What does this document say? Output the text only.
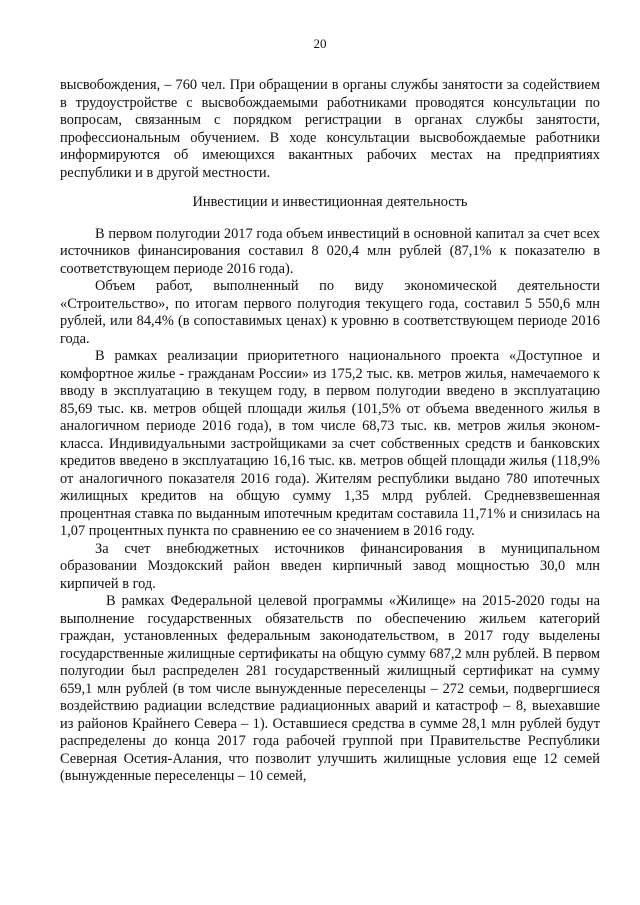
20

высвобождения, – 760 чел. При обращении в органы службы занятости за содействием в трудоустройстве с высвобождаемыми работниками проводятся консультации по вопросам, связанным с порядком регистрации в органах службы занятости, профессиональным обучением. В ходе консультации высвобождаемые работники информируются об имеющихся вакантных рабочих местах на предприятиях республики и в другой местности.

Инвестиции и инвестиционная деятельность

В первом полугодии 2017 года объем инвестиций в основной капитал за счет всех источников финансирования составил 8 020,4 млн рублей (87,1% к показателю в соответствующем периоде 2016 года).

Объем работ, выполненный по виду экономической деятельности «Строительство», по итогам первого полугодия текущего года, составил 5 550,6 млн рублей, или 84,4% (в сопоставимых ценах) к уровню в соответствующем периоде 2016 года.

В рамках реализации приоритетного национального проекта «Доступное и комфортное жилье - гражданам России» из 175,2 тыс. кв. метров жилья, намечаемого к вводу в эксплуатацию в текущем году, в первом полугодии введено в эксплуатацию 85,69 тыс. кв. метров общей площади жилья (101,5% от объема введенного жилья в аналогичном периоде 2016 года), в том числе 68,73 тыс. кв. метров жилья эконом-класса. Индивидуальными застройщиками за счет собственных средств и банковских кредитов введено в эксплуатацию 16,16 тыс. кв. метров общей площади жилья (118,9% от аналогичного показателя 2016 года). Жителям республики выдано 780 ипотечных жилищных кредитов на общую сумму 1,35 млрд рублей. Средневзвешенная процентная ставка по выданным ипотечным кредитам составила 11,71% и снизилась на 1,07 процентных пункта по сравнению ее со значением в 2016 году.

За счет внебюджетных источников финансирования в муниципальном образовании Моздокский район введен кирпичный завод мощностью 30,0 млн кирпичей в год.

В рамках Федеральной целевой программы «Жилище» на 2015-2020 годы на выполнение государственных обязательств по обеспечению жильем категорий граждан, установленных федеральным законодательством, в 2017 году выделены государственные жилищные сертификаты на общую сумму 687,2 млн рублей. В первом полугодии был распределен 281 государственный жилищный сертификат на сумму 659,1 млн рублей (в том числе вынужденные переселенцы – 272 семьи, подвергшиеся воздействию радиации вследствие радиационных аварий и катастроф – 8, выехавшие из районов Крайнего Севера – 1). Оставшиеся средства в сумме 28,1 млн рублей будут распределены до конца 2017 года рабочей группой при Правительстве Республики Северная Осетия-Алания, что позволит улучшить жилищные условия еще 12 семей (вынужденные переселенцы – 10 семей,
